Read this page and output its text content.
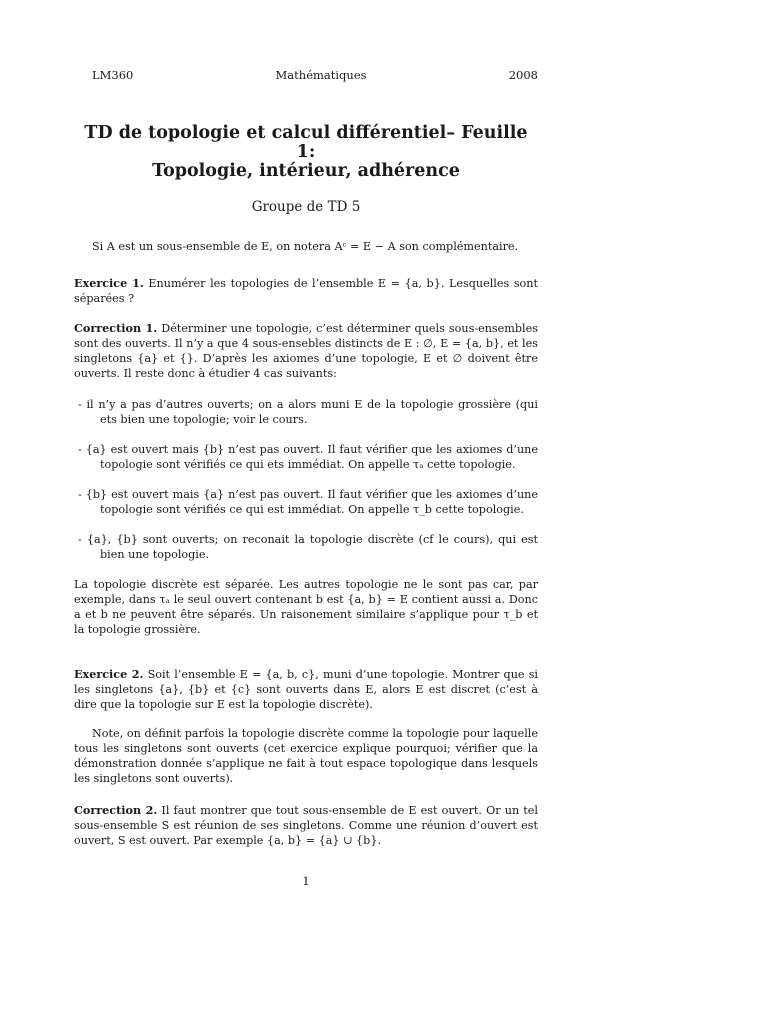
LM360	Mathématiques	2008
TD de topologie et calcul différentiel– Feuille 1:
Topologie, intérieur, adhérence
Groupe de TD 5

Si A est un sous-ensemble de E, on notera Aᶜ = E − A son complémentaire.

Exercice 1. Enumérer les topologies de l’ensemble E = {a, b}. Lesquelles sont séparées ?

Correction 1. Déterminer une topologie, c’est déterminer quels sous-ensembles sont des ouverts. Il n’y a que 4 sous-ensebles distincts de E : ∅, E = {a, b}, et les singletons {a} et {}. D’après les axiomes d’une topologie, E et ∅ doivent être ouverts. Il reste donc à étudier 4 cas suivants:

- il n’y a pas d’autres ouverts; on a alors muni E de la topologie grossière (qui ets bien une topologie; voir le cours.

- {a} est ouvert mais {b} n’est pas ouvert. Il faut vérifier que les axiomes d’une topologie sont vérifiés ce qui ets immédiat. On appelle τₐ cette topologie.

- {b} est ouvert mais {a} n’est pas ouvert. Il faut vérifier que les axiomes d’une topologie sont vérifiés ce qui est immédiat. On appelle τ_b cette topologie.

- {a}, {b} sont ouverts; on reconait la topologie discrète (cf le cours), qui est bien une topologie.

La topologie discrète est séparée. Les autres topologie ne le sont pas car, par exemple, dans τₐ le seul ouvert contenant b est {a, b} = E contient aussi a. Donc a et b ne peuvent être séparés. Un raisonement similaire s’applique pour τ_b et la topologie grossière.

Exercice 2. Soit l’ensemble E = {a, b, c}, muni d’une topologie. Montrer que si les singletons {a}, {b} et {c} sont ouverts dans E, alors E est discret (c’est à dire que la topologie sur E est la topologie discrète).

Note, on définit parfois la topologie discrète comme la topologie pour laquelle tous les singletons sont ouverts (cet exercice explique pourquoi; vérifier que la démonstration donnée s’applique ne fait à tout espace topologique dans lesquels les singletons sont ouverts).

Correction 2. Il faut montrer que tout sous-ensemble de E est ouvert. Or un tel sous-ensemble S est réunion de ses singletons. Comme une réunion d’ouvert est ouvert, S est ouvert. Par exemple {a, b} = {a} ∪ {b}.

1
